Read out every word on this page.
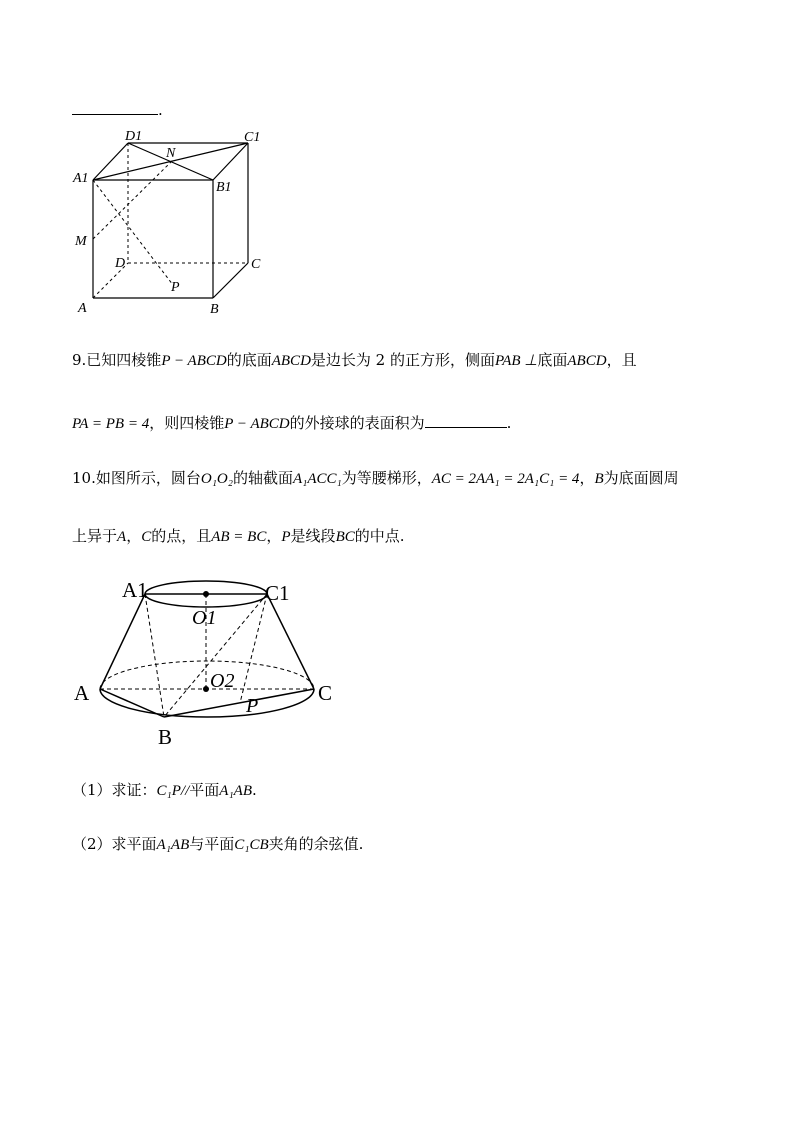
.
D1
N
C1
A1
B1
M
D	C
P
A	B
9.已知四棱锥P − ABCD的底面ABCD是边长为 2 的正方形，侧面PAB ⊥底面ABCD，且
PA = PB = 4，则四棱锥P − ABCD的外接球的表面积为	.
10.如图所示，圆台O₁O₂的轴截面A₁ACC₁为等腰梯形，AC = 2AA₁ = 2A₁C₁ = 4，B为底面圆周
上异于A，C的点，且AB = BC，P是线段BC的中点.
A1	C1
O1
O2
A	C
P
B
（1）求证：C₁P//平面A₁AB.
（2）求平面A₁AB与平面C₁CB夹角的余弦值.
